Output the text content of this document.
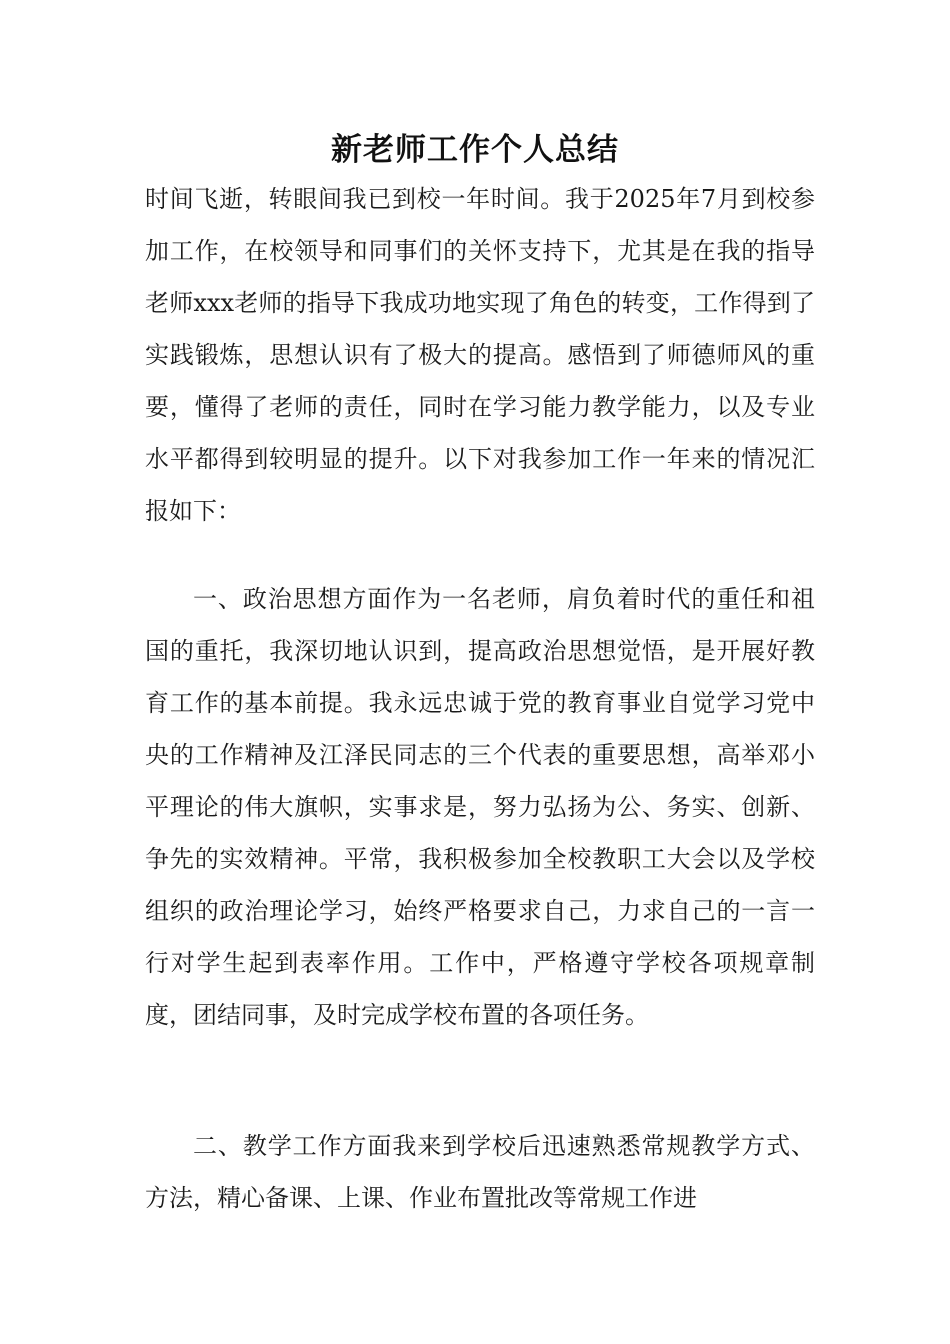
新老师工作个人总结

时间飞逝，转眼间我已到校一年时间。我于2025年7月到校参加工作，在校领导和同事们的关怀支持下，尤其是在我的指导老师xxx老师的指导下我成功地实现了角色的转变，工作得到了实践锻炼，思想认识有了极大的提高。感悟到了师德师风的重要，懂得了老师的责任，同时在学习能力教学能力，以及专业水平都得到较明显的提升。以下对我参加工作一年来的情况汇报如下：

一、政治思想方面作为一名老师，肩负着时代的重任和祖国的重托，我深切地认识到，提高政治思想觉悟，是开展好教育工作的基本前提。我永远忠诚于党的教育事业自觉学习党中央的工作精神及江泽民同志的三个代表的重要思想，高举邓小平理论的伟大旗帜，实事求是，努力弘扬为公、务实、创新、争先的实效精神。平常，我积极参加全校教职工大会以及学校组织的政治理论学习，始终严格要求自己，力求自己的一言一行对学生起到表率作用。工作中，严格遵守学校各项规章制度，团结同事，及时完成学校布置的各项任务。

二、教学工作方面我来到学校后迅速熟悉常规教学方式、方法，精心备课、上课、作业布置批改等常规工作进
